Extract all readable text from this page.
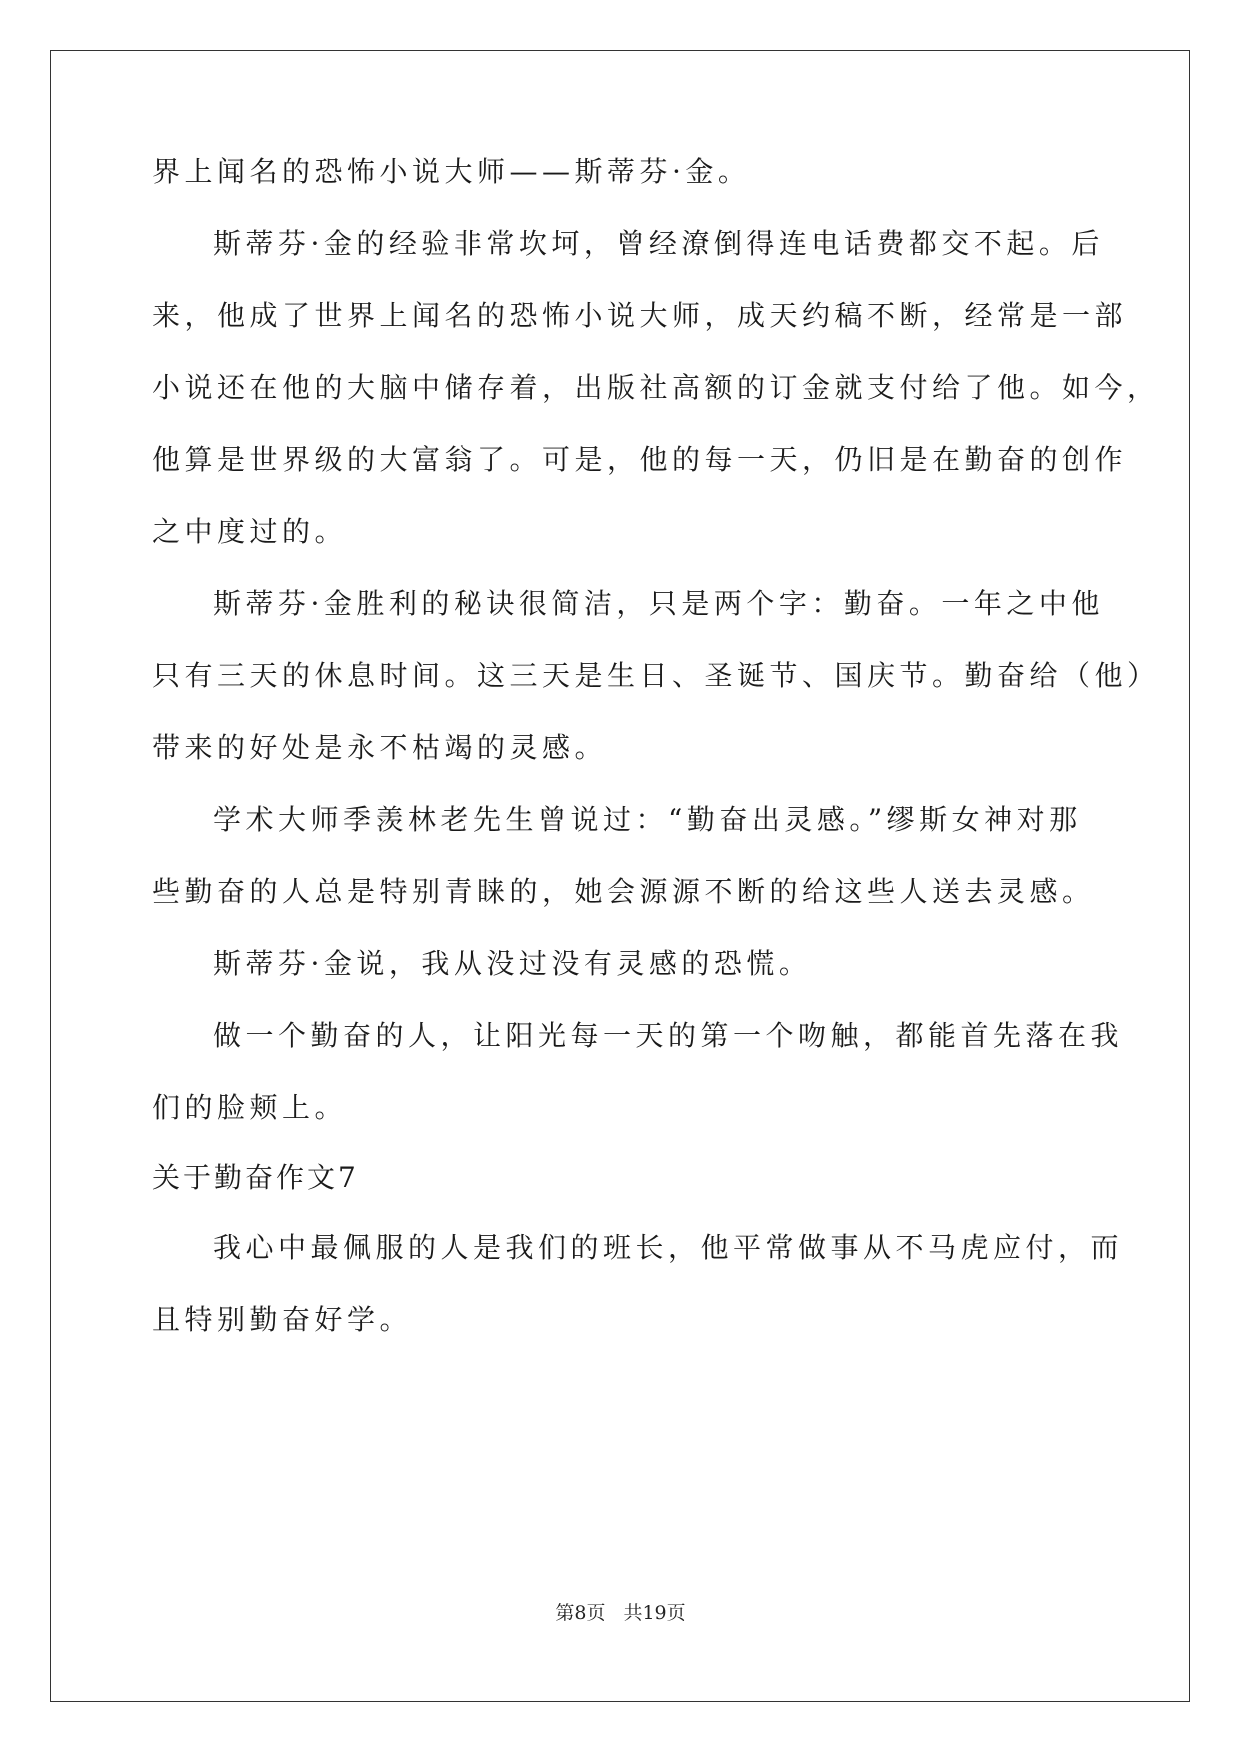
界上闻名的恐怖小说大师——斯蒂芬·金。
斯蒂芬·金的经验非常坎坷，曾经潦倒得连电话费都交不起。后
来，他成了世界上闻名的恐怖小说大师，成天约稿不断，经常是一部
小说还在他的大脑中储存着，出版社高额的订金就支付给了他。如今，
他算是世界级的大富翁了。可是，他的每一天，仍旧是在勤奋的创作
之中度过的。
斯蒂芬·金胜利的秘诀很简洁，只是两个字：勤奋。一年之中他
只有三天的休息时间。这三天是生日、圣诞节、国庆节。勤奋给（他）
带来的好处是永不枯竭的灵感。
学术大师季羡林老先生曾说过：“勤奋出灵感。”缪斯女神对那
些勤奋的人总是特别青睐的，她会源源不断的给这些人送去灵感。
斯蒂芬·金说，我从没过没有灵感的恐慌。
做一个勤奋的人，让阳光每一天的第一个吻触，都能首先落在我
们的脸颊上。
关于勤奋作文7
我心中最佩服的人是我们的班长，他平常做事从不马虎应付，而
且特别勤奋好学。
第8页 共19页
